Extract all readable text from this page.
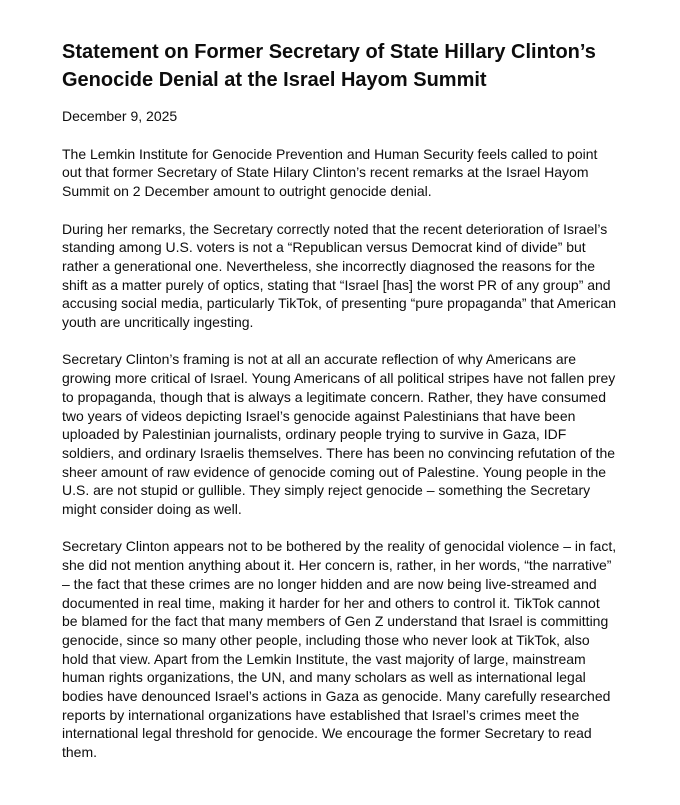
Statement on Former Secretary of State Hillary Clinton’s Genocide Denial at the Israel Hayom Summit
December 9, 2025

The Lemkin Institute for Genocide Prevention and Human Security feels called to point out that former Secretary of State Hilary Clinton’s recent remarks at the Israel Hayom Summit on 2 December amount to outright genocide denial.

During her remarks, the Secretary correctly noted that the recent deterioration of Israel’s standing among U.S. voters is not a “Republican versus Democrat kind of divide” but rather a generational one. Nevertheless, she incorrectly diagnosed the reasons for the shift as a matter purely of optics, stating that “Israel [has] the worst PR of any group” and accusing social media, particularly TikTok, of presenting “pure propaganda” that American youth are uncritically ingesting.

Secretary Clinton’s framing is not at all an accurate reflection of why Americans are growing more critical of Israel. Young Americans of all political stripes have not fallen prey to propaganda, though that is always a legitimate concern. Rather, they have consumed two years of videos depicting Israel’s genocide against Palestinians that have been uploaded by Palestinian journalists, ordinary people trying to survive in Gaza, IDF soldiers, and ordinary Israelis themselves. There has been no convincing refutation of the sheer amount of raw evidence of genocide coming out of Palestine. Young people in the U.S. are not stupid or gullible. They simply reject genocide – something the Secretary might consider doing as well.

Secretary Clinton appears not to be bothered by the reality of genocidal violence – in fact, she did not mention anything about it. Her concern is, rather, in her words, “the narrative” – the fact that these crimes are no longer hidden and are now being live-streamed and documented in real time, making it harder for her and others to control it. TikTok cannot be blamed for the fact that many members of Gen Z understand that Israel is committing genocide, since so many other people, including those who never look at TikTok, also hold that view. Apart from the Lemkin Institute, the vast majority of large, mainstream human rights organizations, the UN, and many scholars as well as international legal bodies have denounced Israel’s actions in Gaza as genocide. Many carefully researched reports by international organizations have established that Israel’s crimes meet the international legal threshold for genocide. We encourage the former Secretary to read them.
